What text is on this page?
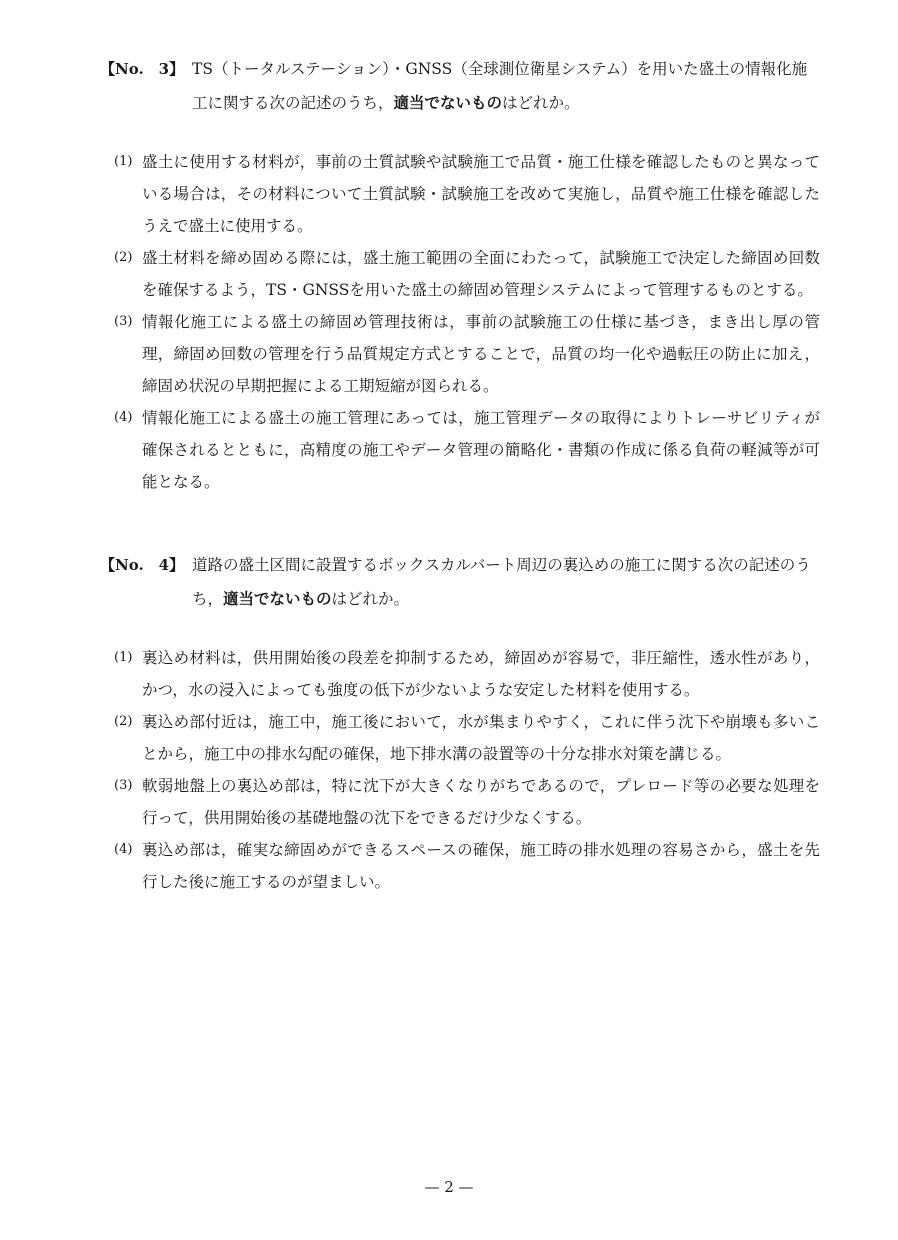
【No.　3】 TS（トータルステーション）・GNSS（全球測位衛星システム）を用いた盛土の情報化施工に関する次の記述のうち，適当でないものはどれか。
(1) 盛土に使用する材料が，事前の土質試験や試験施工で品質・施工仕様を確認したものと異なっている場合は，その材料について土質試験・試験施工を改めて実施し，品質や施工仕様を確認したうえで盛土に使用する。
(2) 盛土材料を締め固める際には，盛土施工範囲の全面にわたって，試験施工で決定した締固め回数を確保するよう，TS・GNSSを用いた盛土の締固め管理システムによって管理するものとする。
(3) 情報化施工による盛土の締固め管理技術は，事前の試験施工の仕様に基づき，まき出し厚の管理，締固め回数の管理を行う品質規定方式とすることで，品質の均一化や過転圧の防止に加え，締固め状況の早期把握による工期短縮が図られる。
(4) 情報化施工による盛土の施工管理にあっては，施工管理データの取得によりトレーサビリティが確保されるとともに，高精度の施工やデータ管理の簡略化・書類の作成に係る負荷の軽減等が可能となる。
【No.　4】 道路の盛土区間に設置するボックスカルバート周辺の裏込めの施工に関する次の記述のうち，適当でないものはどれか。
(1) 裏込め材料は，供用開始後の段差を抑制するため，締固めが容易で，非圧縮性，透水性があり，かつ，水の浸入によっても強度の低下が少ないような安定した材料を使用する。
(2) 裏込め部付近は，施工中，施工後において，水が集まりやすく，これに伴う沈下や崩壊も多いことから，施工中の排水勾配の確保，地下排水溝の設置等の十分な排水対策を講じる。
(3) 軟弱地盤上の裏込め部は，特に沈下が大きくなりがちであるので，プレロード等の必要な処理を行って，供用開始後の基礎地盤の沈下をできるだけ少なくする。
(4) 裏込め部は，確実な締固めができるスペースの確保，施工時の排水処理の容易さから，盛土を先行した後に施工するのが望ましい。
— 2 —
